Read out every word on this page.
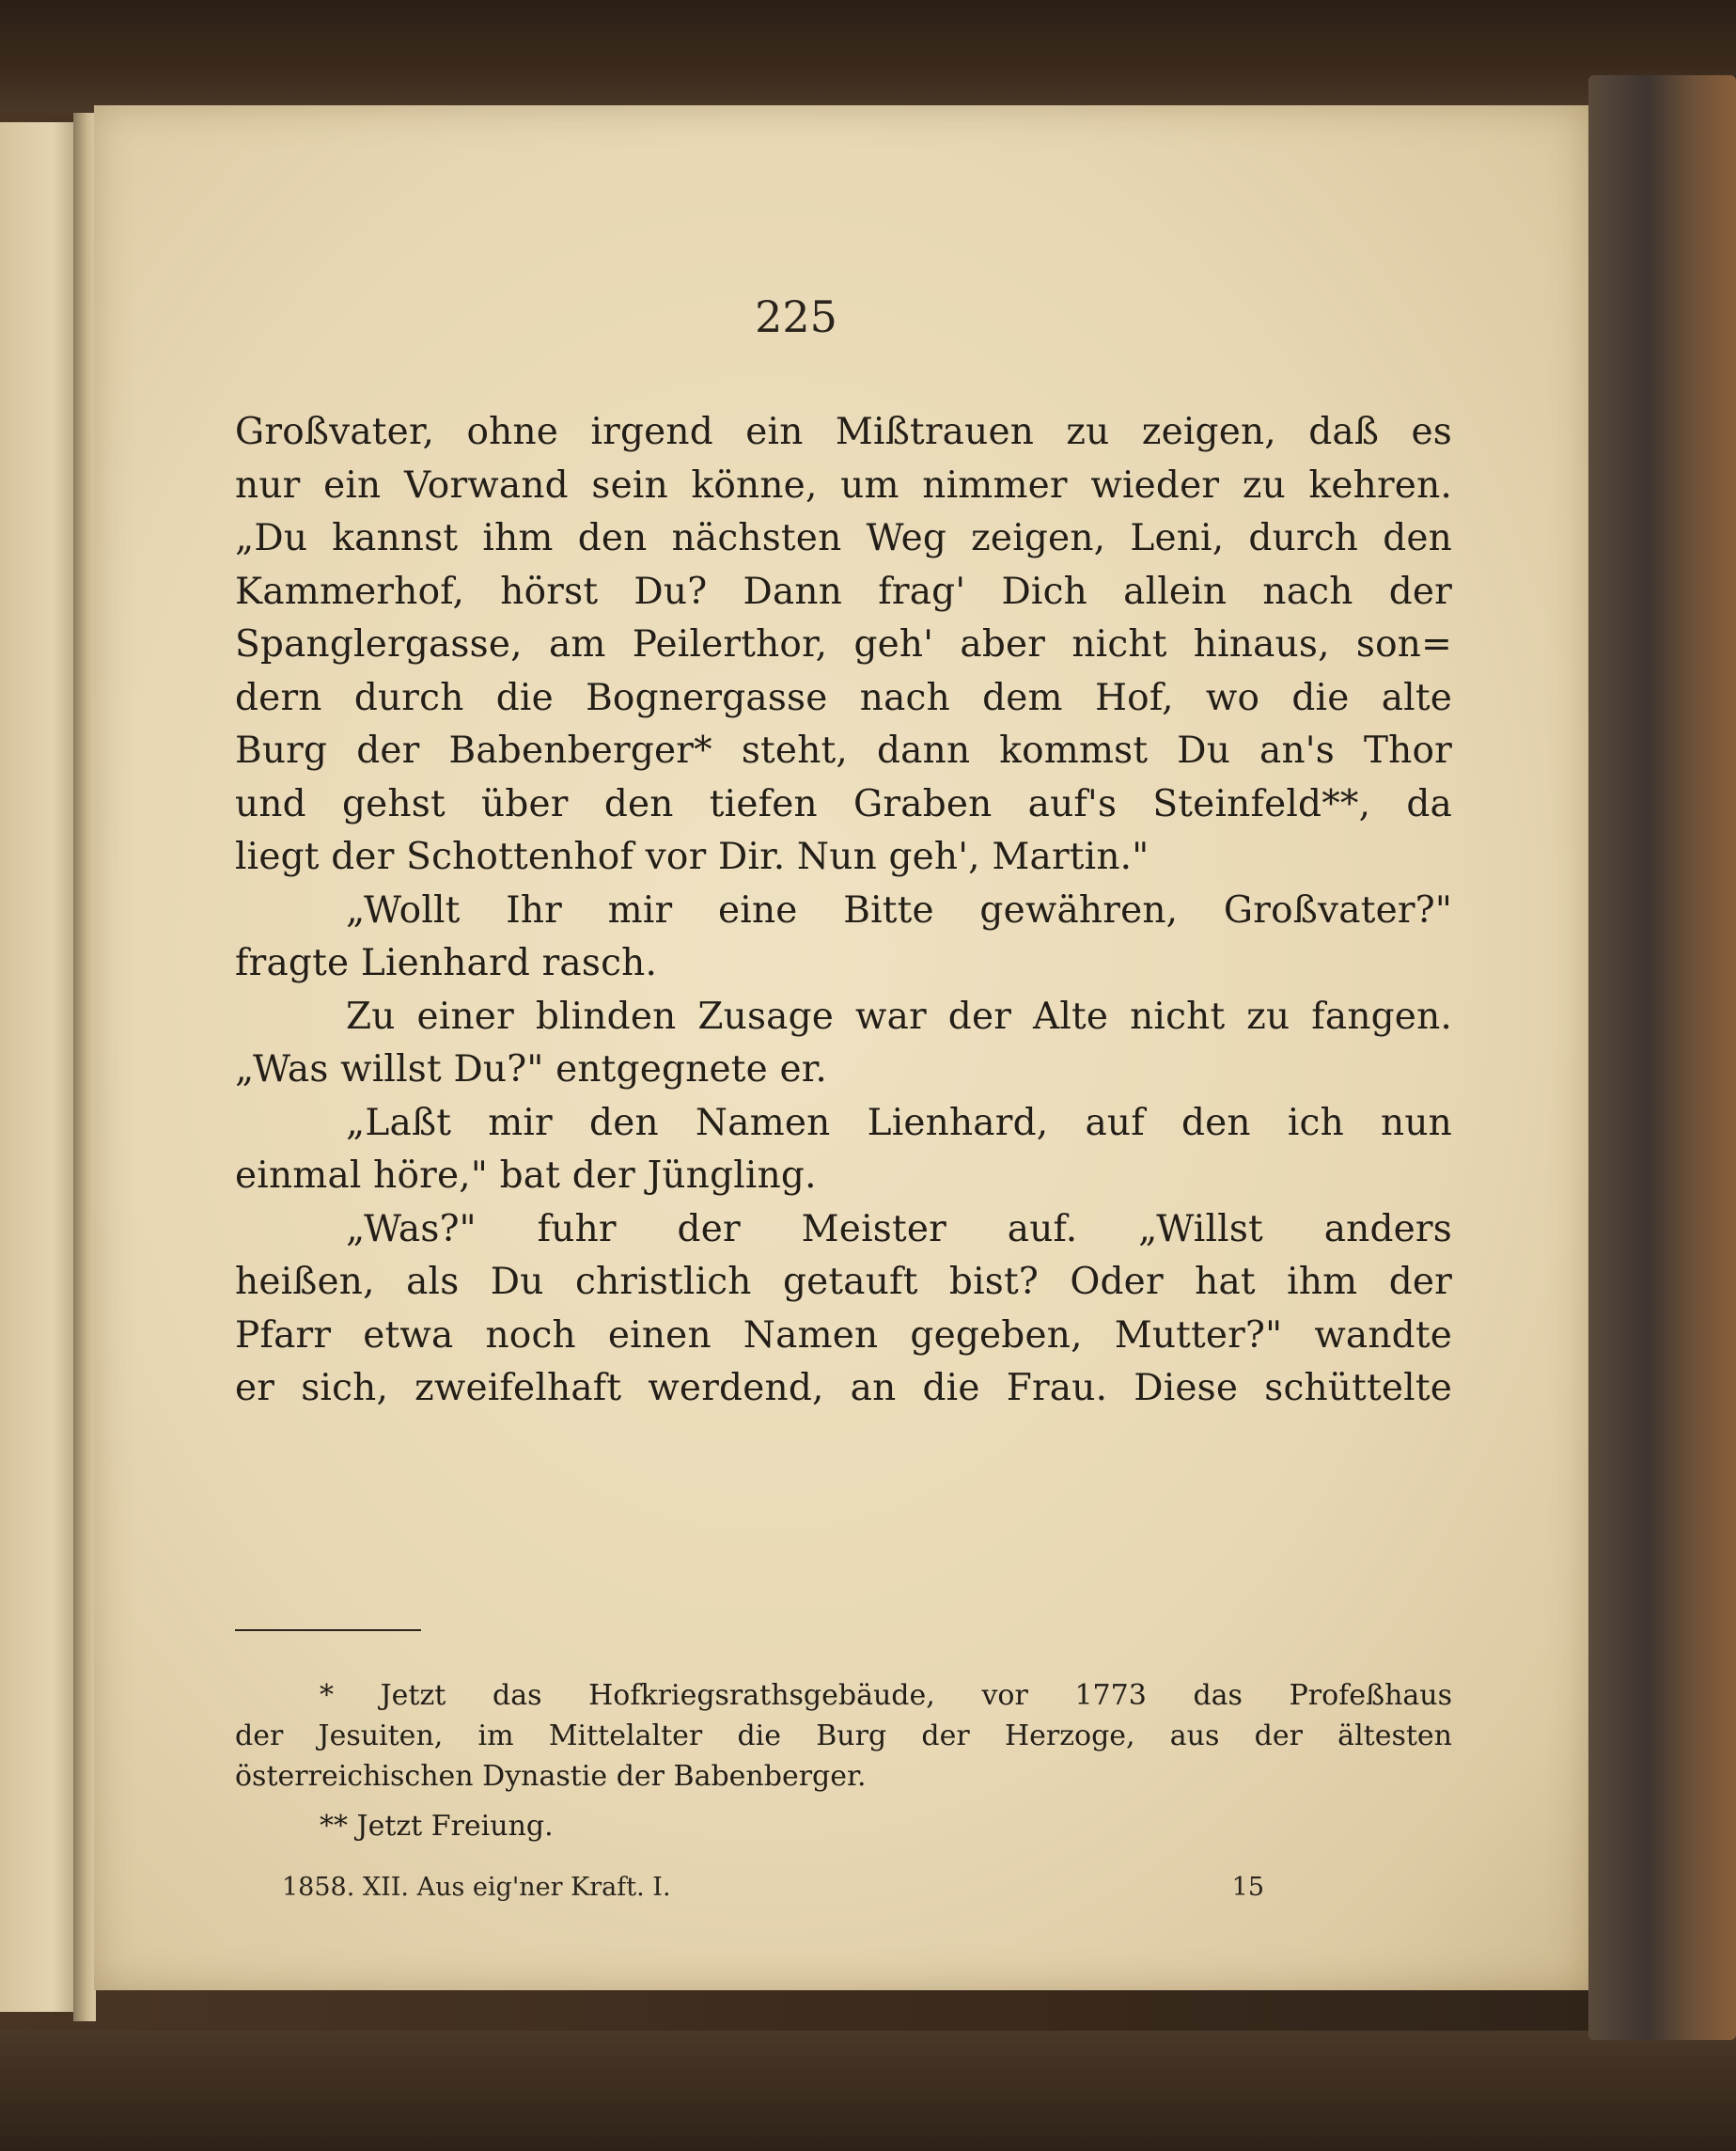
225
Großvater, ohne irgend ein Mißtrauen zu zeigen, daß es
nur ein Vorwand sein könne, um nimmer wieder zu kehren.
„Du kannst ihm den nächsten Weg zeigen, Leni, durch den
Kammerhof, hörst Du? Dann frag' Dich allein nach der
Spanglergasse, am Peilerthor, geh' aber nicht hinaus, son=
dern durch die Bognergasse nach dem Hof, wo die alte
Burg der Babenberger* steht, dann kommst Du an's Thor
und gehst über den tiefen Graben auf's Steinfeld**, da
liegt der Schottenhof vor Dir. Nun geh', Martin."
„Wollt Ihr mir eine Bitte gewähren, Großvater?"
fragte Lienhard rasch.
Zu einer blinden Zusage war der Alte nicht zu fangen.
„Was willst Du?" entgegnete er.
„Laßt mir den Namen Lienhard, auf den ich nun
einmal höre," bat der Jüngling.
„Was?" fuhr der Meister auf. „Willst anders
heißen, als Du christlich getauft bist? Oder hat ihm der
Pfarr etwa noch einen Namen gegeben, Mutter?" wandte
er sich, zweifelhaft werdend, an die Frau. Diese schüttelte
* Jetzt das Hofkriegsrathsgebäude, vor 1773 das Profeßhaus
der Jesuiten, im Mittelalter die Burg der Herzoge, aus der ältesten
österreichischen Dynastie der Babenberger.
** Jetzt Freiung.
1858. XII. Aus eig'ner Kraft. I.	15
